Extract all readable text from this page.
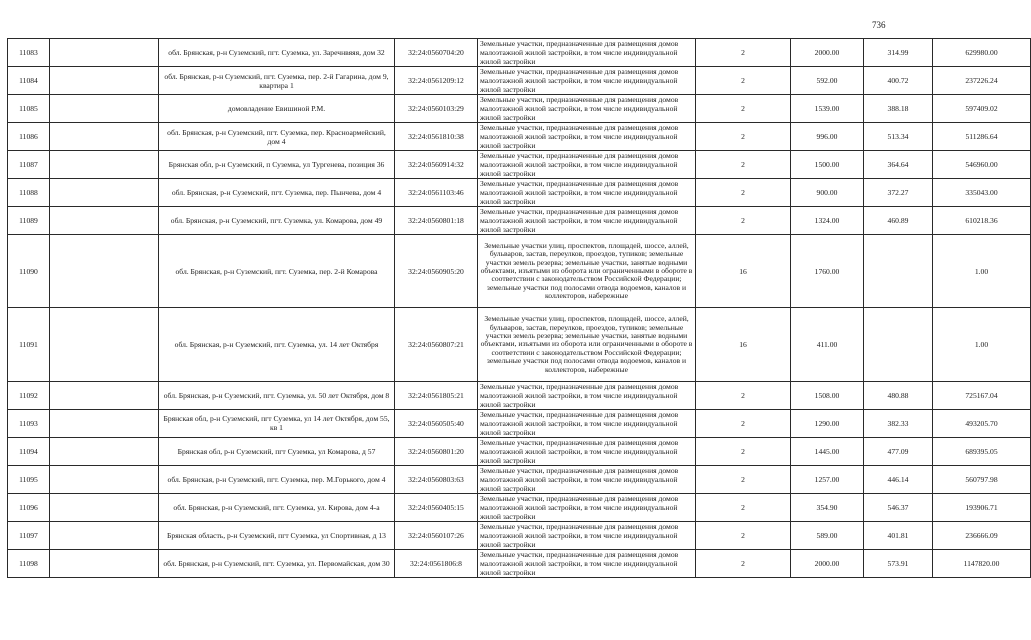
736
11083		обл. Брянская, р-н Суземский, пгт. Суземка, ул. Заречнвяяя, дом 32	32:24:0560704:20	Земельные участки, предназначенные для размещения домов малоэтажной жилой застройки, в том числе индивидуальной жилой застройки	2	2000.00	314.99	629980.00
11084		обл. Брянская, р-н Суземский, пгт. Суземка, пер. 2-й Гагарина, дом 9, квартира 1	32:24:0561209:12	Земельные участки, предназначенные для размещения домов малоэтажной жилой застройки, в том числе индивидуальной жилой застройки	2	592.00	400.72	237226.24
11085		домовладение Евишиной Р.М.	32:24:0560103:29	Земельные участки, предназначенные для размещения домов малоэтажной жилой застройки, в том числе индивидуальной жилой застройки	2	1539.00	388.18	597409.02
11086		обл. Брянская, р-н Суземский, пгт. Суземка, пер. Красноармейский, дом 4	32:24:0561810:38	Земельные участки, предназначенные для размещения домов малоэтажной жилой застройки, в том числе индивидуальной жилой застройки	2	996.00	513.34	511286.64
11087		Брянская обл, р-н Суземский, п Суземка, ул Тургенева, позиция 36	32:24:0560914:32	Земельные участки, предназначенные для размещения домов малоэтажной жилой застройки, в том числе индивидуальной жилой застройки	2	1500.00	364.64	546960.00
11088		обл. Брянская, р-н Суземский, пгт. Суземка, пер. Пынчева, дом 4	32:24:0561103:46	Земельные участки, предназначенные для размещения домов малоэтажной жилой застройки, в том числе индивидуальной жилой застройки	2	900.00	372.27	335043.00
11089		обл. Брянская, р-н Суземский, пгт. Суземка, ул. Комарова, дом 49	32:24:0560801:18	Земельные участки, предназначенные для размещения домов малоэтажной жилой застройки, в том числе индивидуальной жилой застройки	2	1324.00	460.89	610218.36
11090		обл. Брянская, р-н Суземский, пгт. Суземка, пер. 2-й Комарова	32:24:0560905:20	Земельные участки улиц, проспектов, площадей, шоссе, аллей, бульваров, застав, переулков, проездов, тупиков; земельные участки земель резерва; земельные участки, занятые водными объектами, изъятыми из оборота или ограниченными в обороте в соответствии с законодательством Российской Федерации; земельные участки под полосами отвода водоемов, каналов и коллекторов, набережные	16	1760.00		1.00
11091		обл. Брянская, р-н Суземский, пгт. Суземка, ул. 14 лет Октября	32:24:0560807:21	Земельные участки улиц, проспектов, площадей, шоссе, аллей, бульваров, застав, переулков, проездов, тупиков; земельные участки земель резерва; земельные участки, занятые водными объектами, изъятыми из оборота или ограниченными в обороте в соответствии с законодательством Российской Федерации; земельные участки под полосами отвода водоемов, каналов и коллекторов, набережные	16	411.00		1.00
11092		обл. Брянская, р-н Суземский, пгт. Суземка, ул. 50 лет Октября, дом 8	32:24:0561805:21	Земельные участки, предназначенные для размещения домов малоэтажной жилой застройки, в том числе индивидуальной жилой застройки	2	1508.00	480.88	725167.04
11093		Брянская обл, р-н Суземский, пгт Суземка, ул 14 лет Октября, дом 55, кв 1	32:24:0560505:40	Земельные участки, предназначенные для размещения домов малоэтажной жилой застройки, в том числе индивидуальной жилой застройки	2	1290.00	382.33	493205.70
11094		Брянская обл, р-н Суземский, пгт Суземка, ул Комарова, д 57	32:24:0560801:20	Земельные участки, предназначенные для размещения домов малоэтажной жилой застройки, в том числе индивидуальной жилой застройки	2	1445.00	477.09	689395.05
11095		обл. Брянская, р-н Суземский, пгт. Суземка, пер. М.Горького, дом 4	32:24:0560803:63	Земельные участки, предназначенные для размещения домов малоэтажной жилой застройки, в том числе индивидуальной жилой застройки	2	1257.00	446.14	560797.98
11096		обл. Брянская, р-н Суземский, пгт. Суземка, ул. Кирова, дом 4-а	32:24:0560405:15	Земельные участки, предназначенные для размещения домов малоэтажной жилой застройки, в том числе индивидуальной жилой застройки	2	354.90	546.37	193906.71
11097		Брянская область, р-н Суземский, пгт Суземка, ул Спортивная, д 13	32:24:0560107:26	Земельные участки, предназначенные для размещения домов малоэтажной жилой застройки, в том числе индивидуальной жилой застройки	2	589.00	401.81	236666.09
11098		обл. Брянская, р-н Суземский, пгт. Суземка, ул. Первомайская, дом 30	32:24:0561806:8	Земельные участки, предназначенные для размещения домов малоэтажной жилой застройки, в том числе индивидуальной жилой застройки	2	2000.00	573.91	1147820.00
